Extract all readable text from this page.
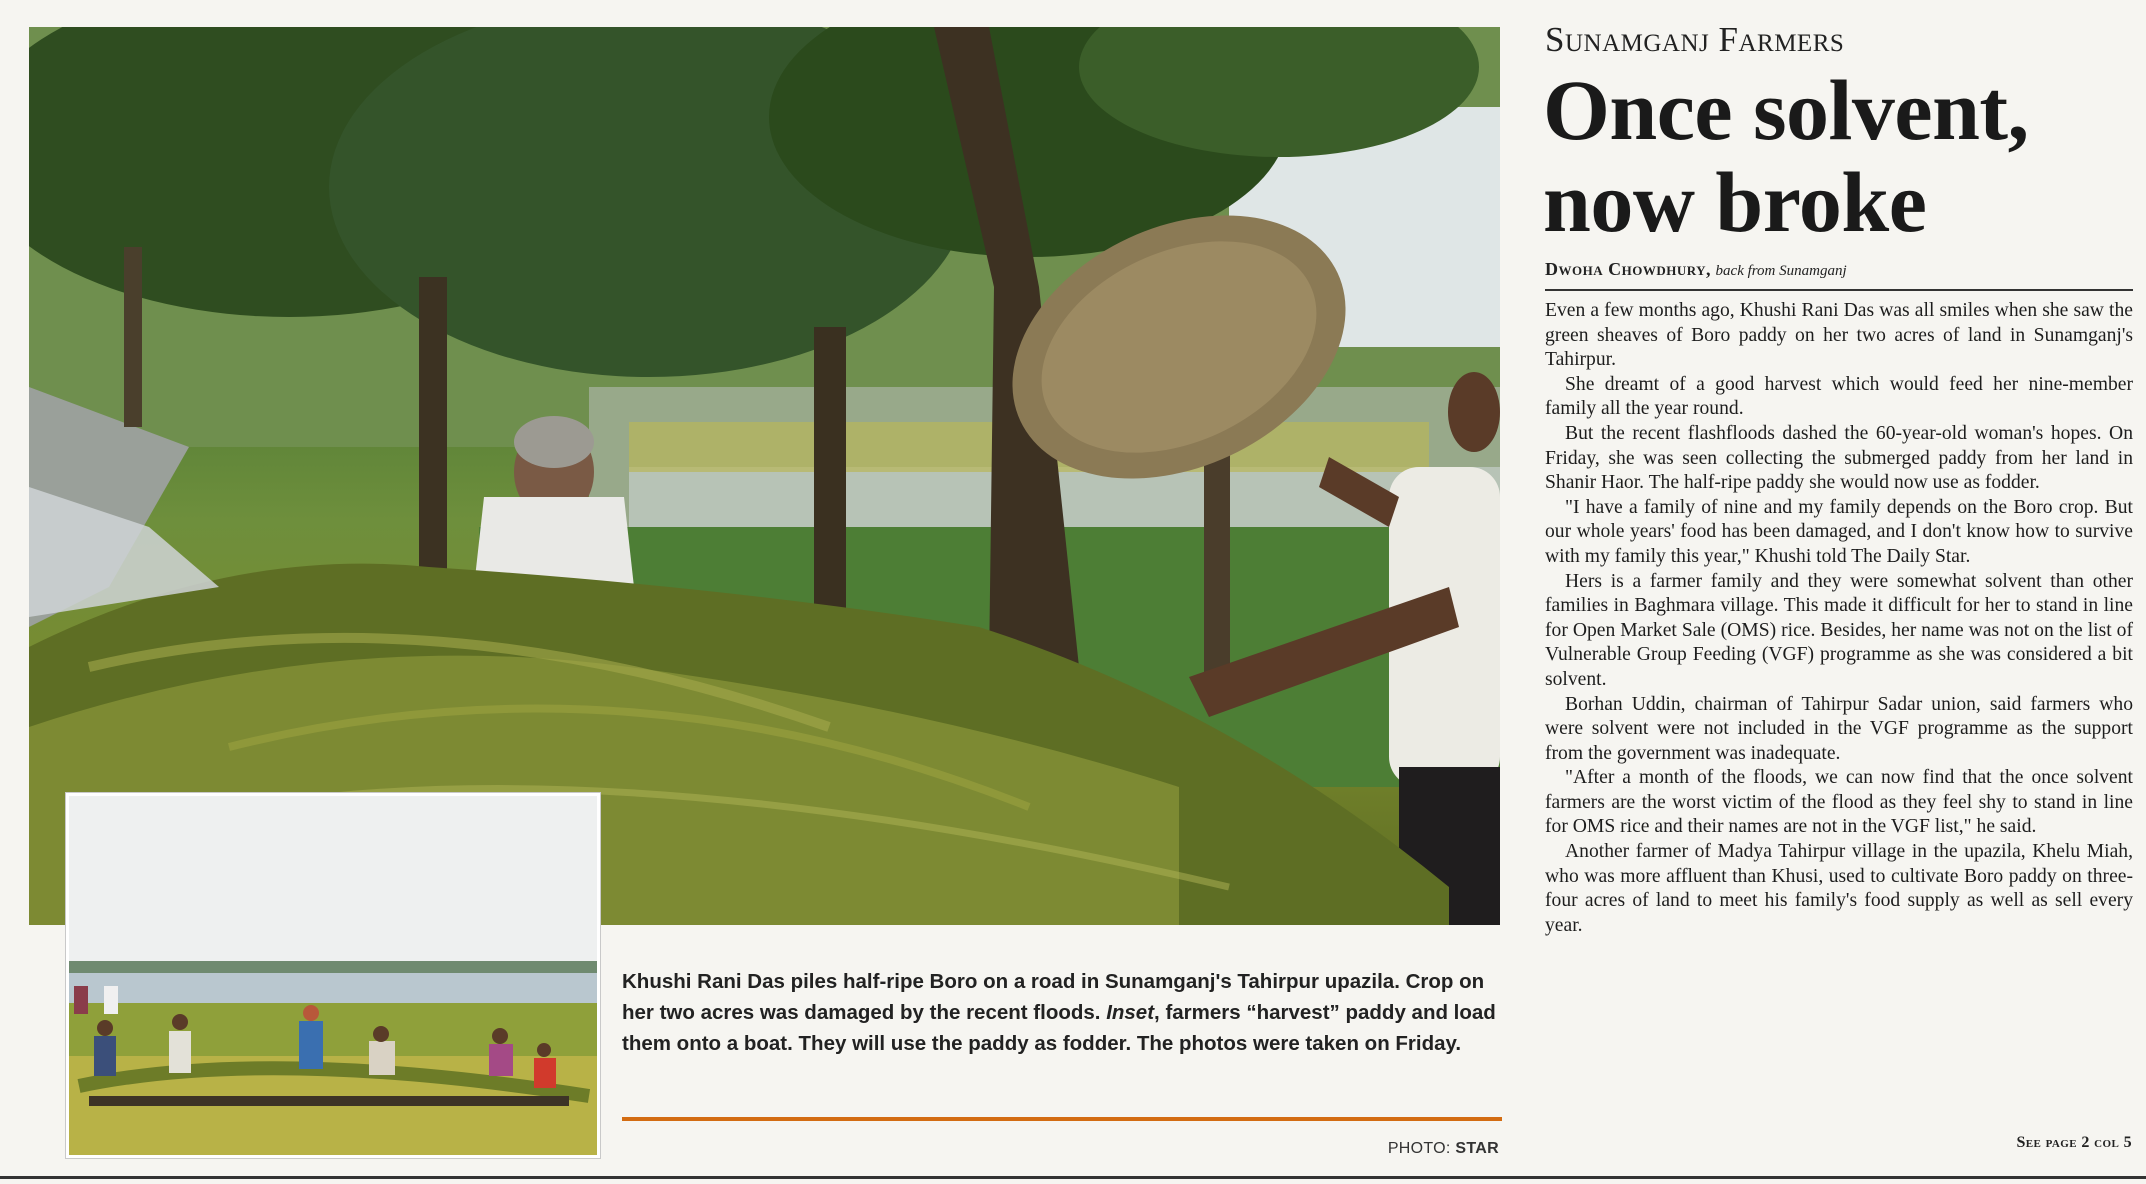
Khushi Rani Das piles half-ripe Boro on a road in Sunamganj's Tahirpur upazila. Crop on her two acres was damaged by the recent floods. Inset, farmers “harvest” paddy and load them onto a boat. They will use the paddy as fodder. The photos were taken on Friday.
PHOTO: STAR
Sunamganj Farmers
Once solvent, now broke
Dwoha Chowdhury, back from Sunamganj

Even a few months ago, Khushi Rani Das was all smiles when she saw the green sheaves of Boro paddy on her two acres of land in Sunamganj's Tahirpur.

She dreamt of a good harvest which would feed her nine-member family all the year round.

But the recent flashfloods dashed the 60-year-old woman's hopes. On Friday, she was seen collecting the submerged paddy from her land in Shanir Haor. The half-ripe paddy she would now use as fodder.

"I have a family of nine and my family depends on the Boro crop. But our whole years' food has been damaged, and I don't know how to survive with my family this year," Khushi told The Daily Star.

Hers is a farmer family and they were somewhat solvent than other families in Baghmara village. This made it difficult for her to stand in line for Open Market Sale (OMS) rice. Besides, her name was not on the list of Vulnerable Group Feeding (VGF) programme as she was considered a bit solvent.

Borhan Uddin, chairman of Tahirpur Sadar union, said farmers who were solvent were not included in the VGF programme as the support from the government was inadequate.

"After a month of the floods, we can now find that the once solvent farmers are the worst victim of the flood as they feel shy to stand in line for OMS rice and their names are not in the VGF list," he said.

Another farmer of Madya Tahirpur village in the upazila, Khelu Miah, who was more affluent than Khusi, used to cultivate Boro paddy on three-four acres of land to meet his family's food supply as well as sell every year.

See page 2 col 5
